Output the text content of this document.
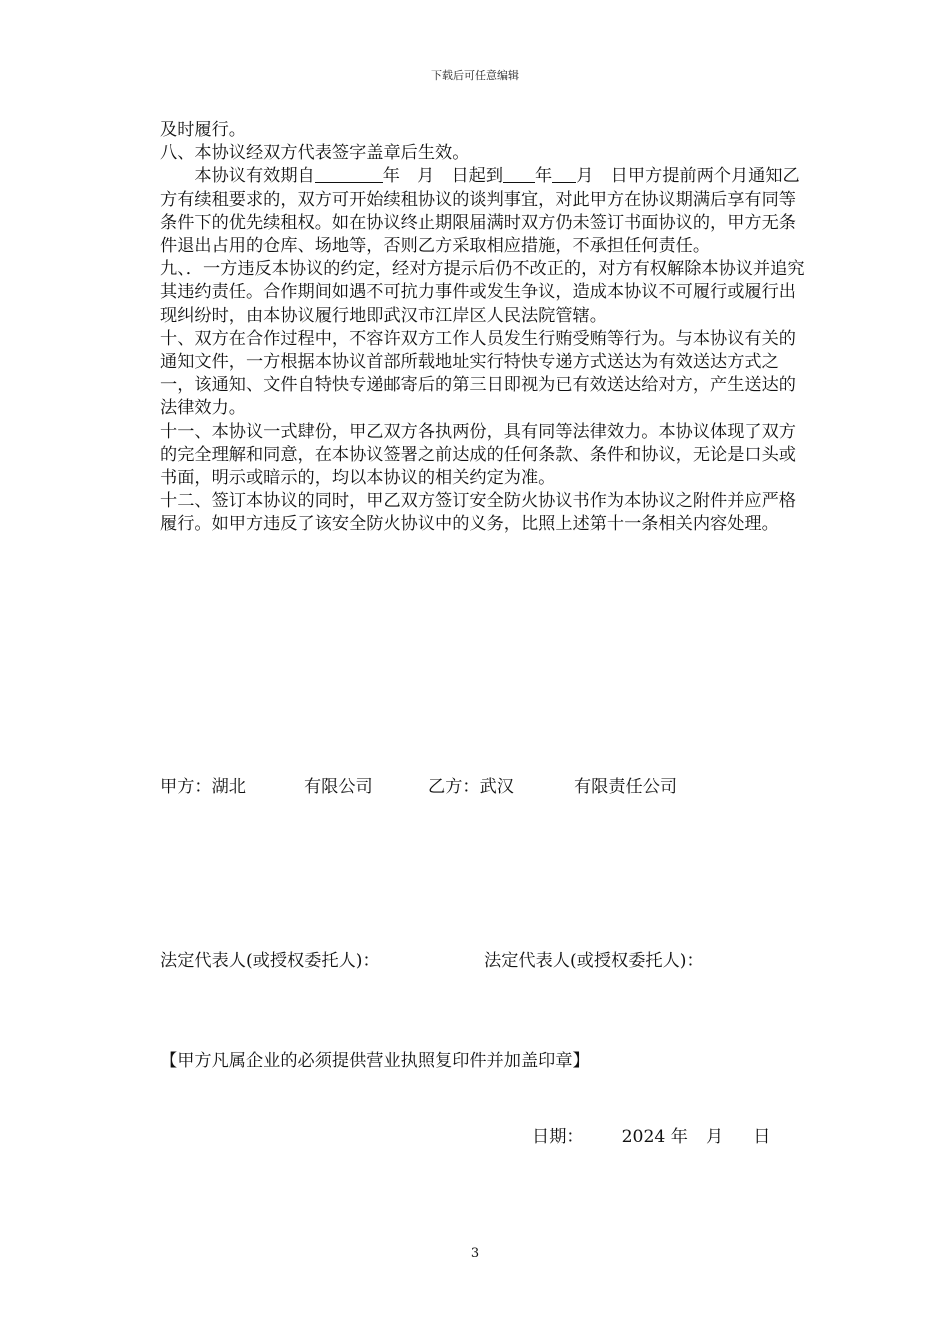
下载后可任意编辑

及时履行。

八、本协议经双方代表签字盖章后生效。

本协议有效期自	年　月　日起到 年 月　日甲方提前两个月通知乙方有续租要求的，双方可开始续租协议的谈判事宜，对此甲方在协议期满后享有同等条件下的优先续租权。如在协议终止期限届满时双方仍未签订书面协议的，甲方无条件退出占用的仓库、场地等，否则乙方采取相应措施，不承担任何责任。

九、．一方违反本协议的约定，经对方提示后仍不改正的，对方有权解除本协议并追究其违约责任。合作期间如遇不可抗力事件或发生争议，造成本协议不可履行或履行出现纠纷时，由本协议履行地即武汉市江岸区人民法院管辖。

十、双方在合作过程中，不容许双方工作人员发生行贿受贿等行为。与本协议有关的通知文件，一方根据本协议首部所载地址实行特快专递方式送达为有效送达方式之一，该通知、文件自特快专递邮寄后的第三日即视为已有效送达给对方，产生送达的法律效力。

十一、本协议一式肆份，甲乙双方各执两份，具有同等法律效力。本协议体现了双方的完全理解和同意，在本协议签署之前达成的任何条款、条件和协议，无论是口头或书面，明示或暗示的，均以本协议的相关约定为准。

十二、签订本协议的同时，甲乙双方签订安全防火协议书作为本协议之附件并应严格履行。如甲方违反了该安全防火协议中的义务，比照上述第十一条相关内容处理。

甲方：湖北	有限公司	乙方：武汉	有限责任公司
法定代表人(或授权委托人)：	法定代表人(或授权委托人)：
【甲方凡属企业的必须提供营业执照复印件并加盖印章】
日期： 2024 年 月 日
3
